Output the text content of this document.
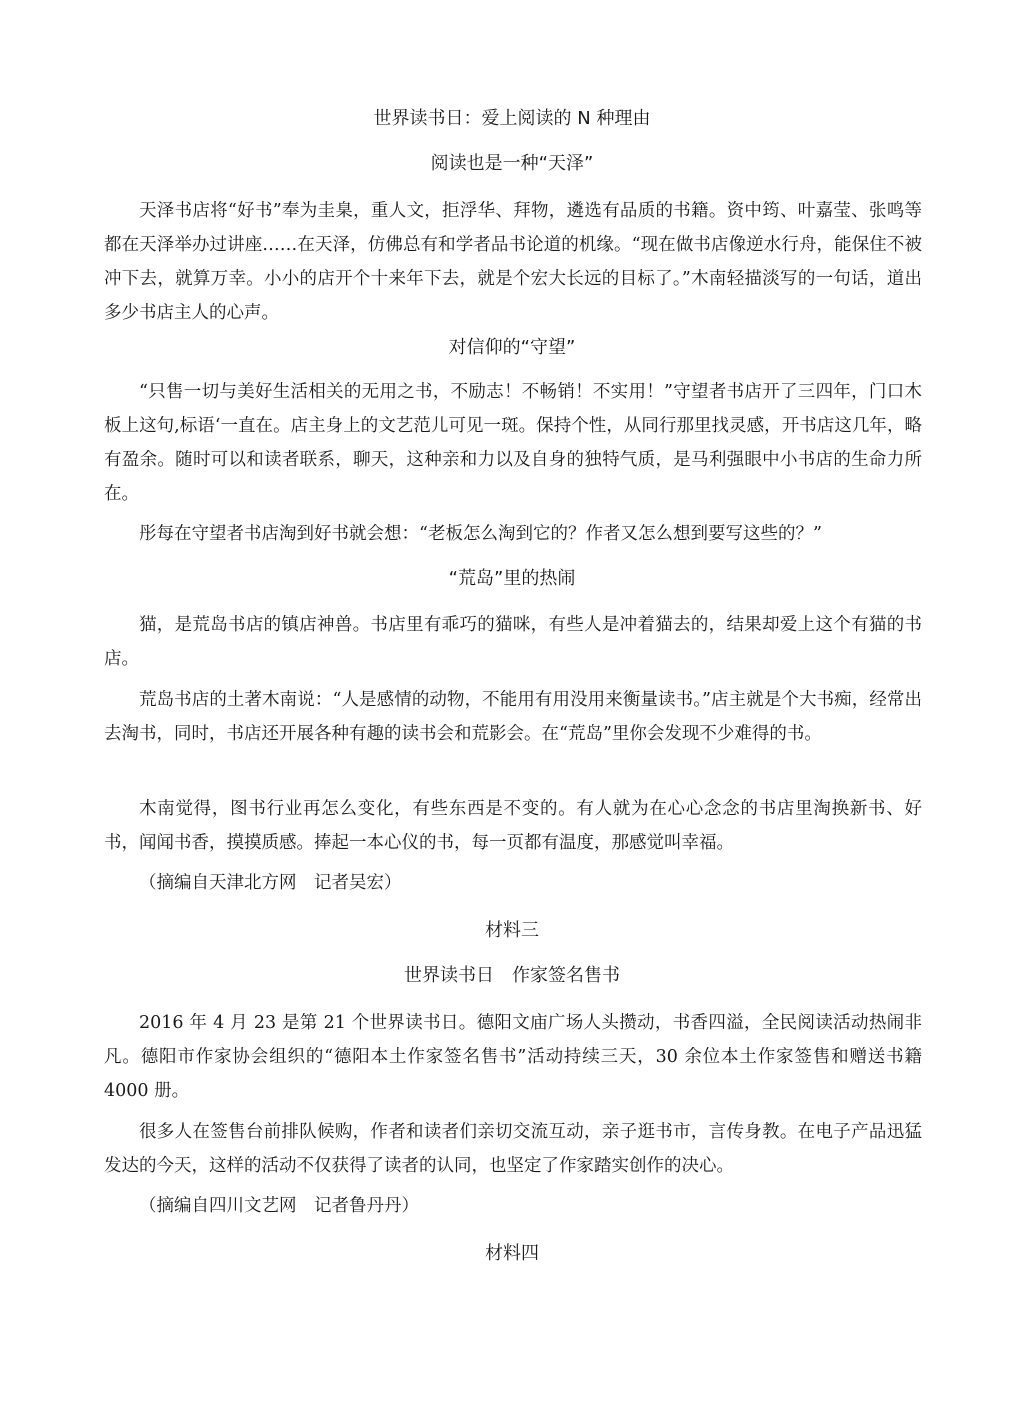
世界读书日：爱上阅读的 N 种理由
阅读也是一种“天泽”
天泽书店将“好书”奉为圭臬，重人文，拒浮华、拜物，遴选有品质的书籍。资中筠、叶嘉莹、张鸣等都在天泽举办过讲座……在天泽，仿佛总有和学者品书论道的机缘。“现在做书店像逆水行舟，能保住不被冲下去，就算万幸。小小的店开个十来年下去，就是个宏大长远的目标了。”木南轻描淡写的一句话，道出多少书店主人的心声。
对信仰的“守望”
“只售一切与美好生活相关的无用之书，不励志！不畅销！不实用！”守望者书店开了三四年，门口木板上这句,标语‘一直在。店主身上的文艺范儿可见一斑。保持个性，从同行那里找灵感，开书店这几年，略有盈余。随时可以和读者联系，聊天，这种亲和力以及自身的独特气质，是马利强眼中小书店的生命力所在。
彤每在守望者书店淘到好书就会想：“老板怎么淘到它的？作者又怎么想到要写这些的？”
“荒岛”里的热闹
猫，是荒岛书店的镇店神兽。书店里有乖巧的猫咪，有些人是冲着猫去的，结果却爱上这个有猫的书店。
荒岛书店的土著木南说：“人是感情的动物，不能用有用没用来衡量读书。”店主就是个大书痴，经常出去淘书，同时，书店还开展各种有趣的读书会和荒影会。在“荒岛”里你会发现不少难得的书。
木南觉得，图书行业再怎么变化，有些东西是不变的。有人就为在心心念念的书店里淘换新书、好书，闻闻书香，摸摸质感。捧起一本心仪的书，每一页都有温度，那感觉叫幸福。
（摘编自天津北方网　记者吴宏）
材料三
世界读书日　作家签名售书
2016 年 4 月 23 是第 21 个世界读书日。德阳文庙广场人头攒动，书香四溢，全民阅读活动热闹非凡。德阳市作家协会组织的“德阳本土作家签名售书”活动持续三天，30 余位本土作家签售和赠送书籍 4000 册。
很多人在签售台前排队候购，作者和读者们亲切交流互动，亲子逛书市，言传身教。在电子产品迅猛发达的今天，这样的活动不仅获得了读者的认同，也坚定了作家踏实创作的决心。
（摘编自四川文艺网　记者鲁丹丹）
材料四
